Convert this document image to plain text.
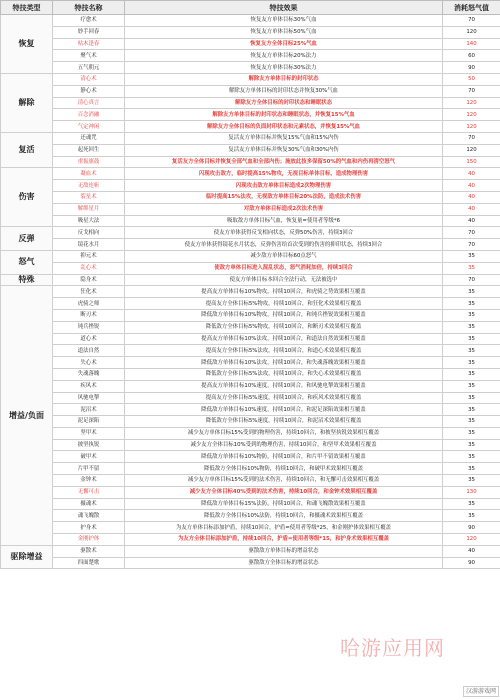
特技类型	特技名称	特技效果	消耗怒气值
恢复	疗愈术	恢复友方单体目标30%气血	70
	妙手回春	恢复友方单体目标50%气血	120
	枯木逢春	恢复友方全体目标25%气血	140
	聚气术	恢复友方单体目标20%法力	60
	五气朝元	恢复友方单体目标30%法力	90
解除	清心术	解除友方单体目标的封印状态	50
	静心术	解除友方单体目标的封印状态并恢复30%气血	70
	清心真言	解除友方全体目标的封印状态和睡眠状态	120
	百念消融	解除友方单体目标的封印状态和睡眠状态，并恢复15%气血	120
	气定神闲	解除友方全体目标的负面封印状态和元素状态，并恢复15%气血	120
复活	还魂咒	复活友方单体目标并恢复15%气血和15%内伤	70
	起死回生	复活友方单体目标并恢复30%气血和30%内伤	120
	重振旗鼓	复活友方全体目标并恢复全部气血和全部内伤；施放此技多保留50%的气血和内伤再清空怒气	150
伤害	凝血术	闪现攻击敌方，临时提高15%物攻，无视目标单体目标，造成物理伤害	40
	无敌连斩	闪现攻击敌方单体目标造成2次物理伤害	40
	裂星术	临时提高15%法攻，无视敌方单体目标20%法防，造成法术伤害	40
	解绑星月	对敌方单体目标造成2次法术伤害	40
	吸星大法	吸取敌方单体目标气血，恢复量=使用者等级*6	40
反弹	反戈相向	使友方单体获得反戈相向状态，反弹50%伤害，持续3回合	70
	镜花水月	使友方单体获得镜花水月状态，反弹伤害给首次受到的伤害的抑印状态，持续3回合	70
怒气	抑元术	减少敌方单体目标60点怒气	35
	乱心术	使敌方单体目标进入混乱状态，怒气消耗加倍，持续3回合	35
特殊	隐身术	使友方单体目标本回合全法行动，无法被选中	70
增益/负面	狂化术	提高友方单体目标10%物攻，持续10回合，和虎骑之势效果相互覆盖	35
	虎骑之师	提高友方全体目标5%物攻，持续10回合，和狂化术效果相互覆盖	35
	断刃术	降低敌方单体目标10%物攻，持续10回合，和钝兵挫锐效果相互覆盖	35
	钝兵挫锐	降低敌方全体目标5%物攻，持续10回合，和断刃术效果相互覆盖	35
	道心术	提高友方单体目标10%法攻，持续10回合，和道法自然效果相互覆盖	35
	道法自然	提高友方全体目标5%法攻，持续10回合，和道心术效果相互覆盖	35
	失心术	降低敌方单体目标10%法攻，持续10回合，和失魂落魄效果相互覆盖	35
	失魂落魄	降低敌方全体目标5%法攻，持续10回合，和失心术效果相互覆盖	35
	疾风术	提高友方单体目标10%速度，持续10回合，和风驰电掣效果相互覆盖	35
	风驰电掣	提高友方全体目标5%速度，持续10回合，和疾风术效果相互覆盖	35
	泥沼术	降低敌方单体目标10%速度，持续10回合，和泥足深陷效果相互覆盖	35
	泥足深陷	降低敌方全体目标5%速度，持续10回合，和泥沼术效果相互覆盖	35
	坚甲术	减少友方单体目标15%受到的物理伤害，持续10回合，和披坚执锐效果相互覆盖	35
	披坚执锐	减少友方全体目标10%受到的物理伤害，持续10回合，和坚甲术效果相互覆盖	35
	破甲术	降低敌方单体目标10%物防，持续10回合，和片甲不留效果相互覆盖	35
	片甲不留	降低敌方全体目标10%物防，持续10回合，和破甲术效果相互覆盖	35
	金钟术	减少友方单体目标15%受到的法术伤害，持续10回合，和无懈可击效果相互覆盖	35
	无懈可击	减少友方全体目标40%受到的法术伤害，持续10回合，和金钟术效果相互覆盖	130
	摄魂术	降低敌方单体目标15%法防，持续10回合，和魂飞魄散效果相互覆盖	35
	魂飞魄散	降低敌方全体目标10%法防，持续10回合，和摄魂术效果相互覆盖	35
	护身术	为友方单体目标添加护盾，持续10回合，护盾=使用者等级*25，和金刚护体效果相互覆盖	90
	金刚护体	为友方全体目标添加护盾，持续10回合，护盾=使用者等级*15，和护身术效果相互覆盖	120
驱除增益	驱散术	驱散敌方单体目标的增益状态	40
	四面楚歌	驱散敌方全体目标的增益状态	90
哈游应用网
汉游游戏网
